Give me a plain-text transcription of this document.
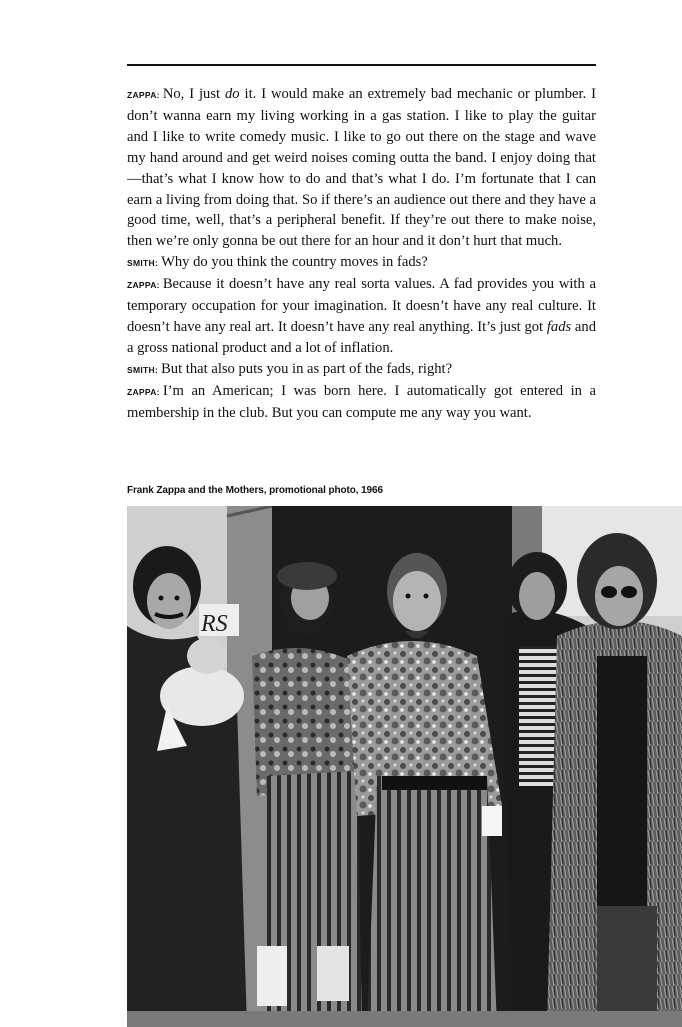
ZAPPA: No, I just do it. I would make an extremely bad mechanic or plumber. I don’t wanna earn my living working in a gas station. I like to play the guitar and I like to write comedy music. I like to go out there on the stage and wave my hand around and get weird noises coming outta the band. I enjoy doing that—that’s what I know how to do and that’s what I do. I’m fortunate that I can earn a living from doing that. So if there’s an audience out there and they have a good time, well, that’s a peripheral benefit. If they’re out there to make noise, then we’re only gonna be out there for an hour and it don’t hurt that much.

SMITH: Why do you think the country moves in fads?

ZAPPA: Because it doesn’t have any real sorta values. A fad provides you with a temporary occupation for your imagination. It doesn’t have any real culture. It doesn’t have any real art. It doesn’t have any real anything. It’s just got fads and a gross national product and a lot of inflation.

SMITH: But that also puts you in as part of the fads, right?

ZAPPA: I’m an American; I was born here. I automatically got entered in a membership in the club. But you can compute me any way you want.

Frank Zappa and the Mothers, promotional photo, 1966
RS
